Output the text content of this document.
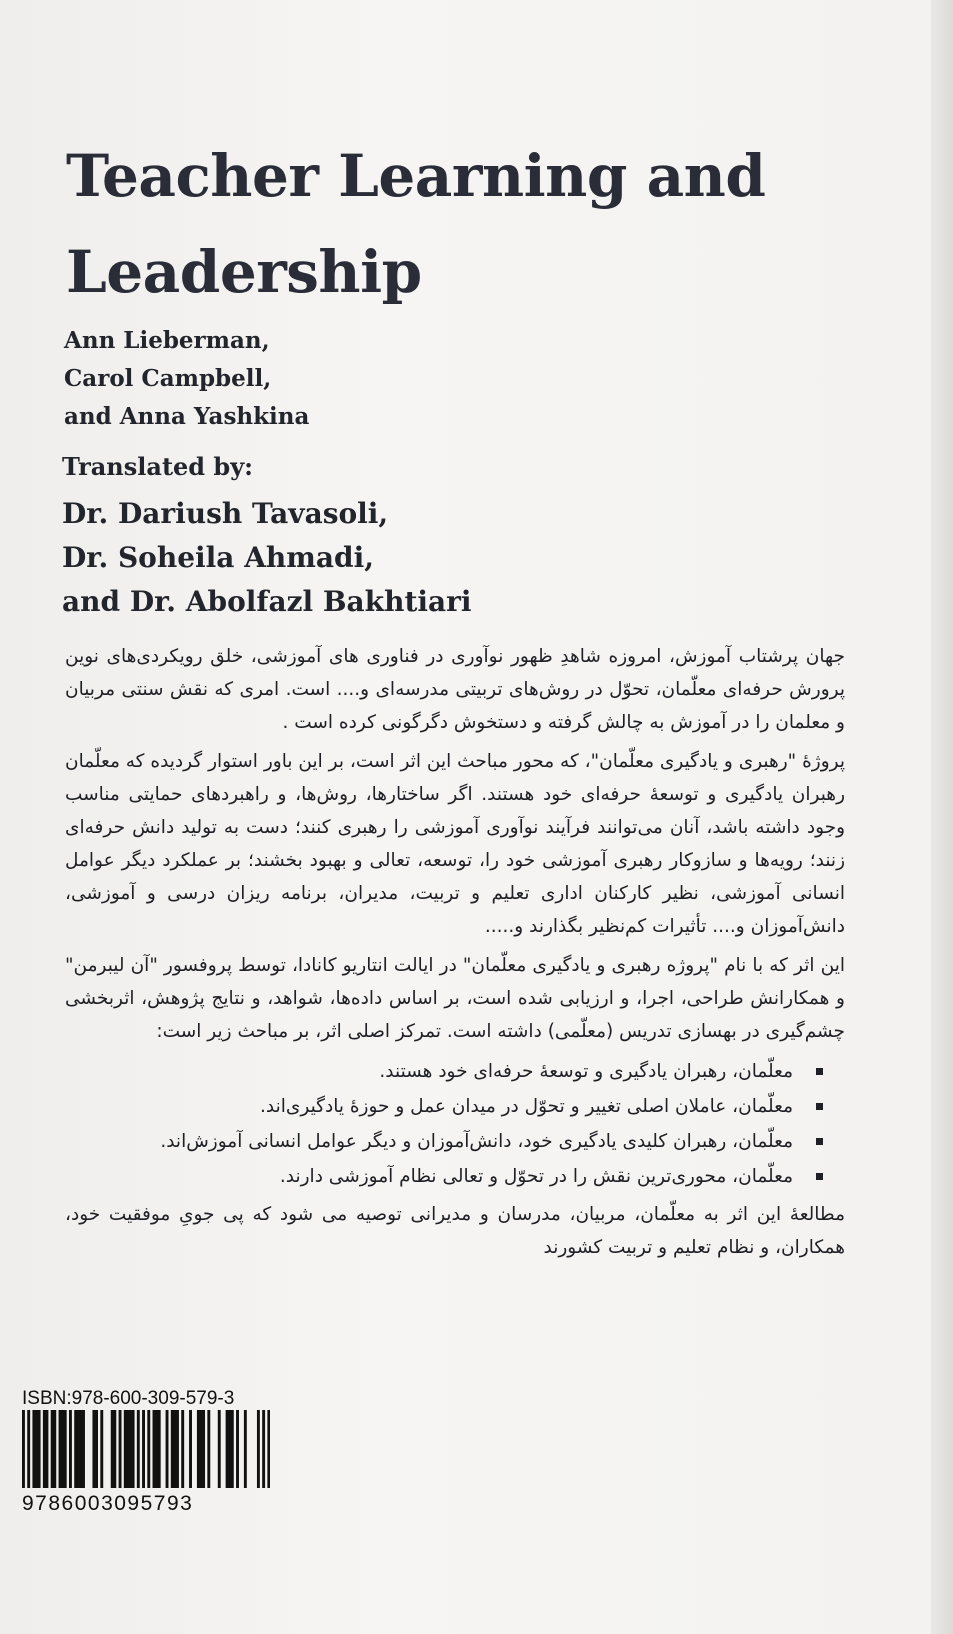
Teacher Learning and
Leadership
Ann Lieberman,
Carol Campbell,
and Anna Yashkina
Translated by:
Dr. Dariush Tavasoli,
Dr. Soheila Ahmadi,
and Dr. Abolfazl Bakhtiari

جهان پرشتاب آموزش، امروزه شاهدِ ظهور نوآوری در فناوری های آموزشی، خلق رویکردی‌های نوین پرورش حرفه‌ای معلّمان، تحوّل در روش‌های تربیتی مدرسه‌ای و.... است. امری که نقش سنتی مربیان و معلمان را در آموزش به چالش گرفته و دستخوش دگرگونی کرده است .

پروژهٔ "رهبری و یادگیری معلّمان"، که محور مباحث این اثر است، بر این باور استوار گردیده که معلّمان رهبران یادگیری و توسعهٔ حرفه‌ای خود هستند. اگر ساختارها، روش‌ها، و راهبردهای حمایتی مناسب وجود داشته باشد، آنان می‌توانند فرآیند نوآوری آموزشی را رهبری کنند؛ دست به تولید دانش حرفه‌ای زنند؛ رویه‌ها و سازوکار رهبری آموزشی خود را، توسعه، تعالی و بهبود بخشند؛ بر عملکرد دیگر عوامل انسانی آموزشی، نظیر کارکنان اداری تعلیم و تربیت، مدیران، برنامه ریزان درسی و آموزشی، دانش‌آموزان و.... تأثیرات کم‌نظیر بگذارند و.....

این اثر که با نام "پروژه رهبری و یادگیری معلّمان" در ایالت انتاریو کانادا، توسط پروفسور "آن لیبرمن" و همکارانش طراحی، اجرا، و ارزیابی شده است، بر اساس داده‌ها، شواهد، و نتایج پژوهش، اثربخشی چشم‌گیری در بهسازی تدریس (معلّمی) داشته است. تمرکز اصلی اثر، بر مباحث زیر است:

معلّمان، رهبران یادگیری و توسعهٔ حرفه‌ای خود هستند.
معلّمان، عاملان اصلی تغییر و تحوّل در میدان عمل و حوزهٔ یادگیری‌اند.
معلّمان، رهبران کلیدی یادگیری خود، دانش‌آموزان و دیگر عوامل انسانی آموزش‌اند.
معلّمان، محوری‌ترین نقش را در تحوّل و تعالی نظام آموزشی دارند.

مطالعهٔ این اثر به معلّمان، مربیان، مدرسان و مدیرانی توصیه می شود که پی جویِ موفقیت خود، همکاران، و نظام تعلیم و تربیت کشورند

ISBN:978-600-309-579-3
9786003095793
